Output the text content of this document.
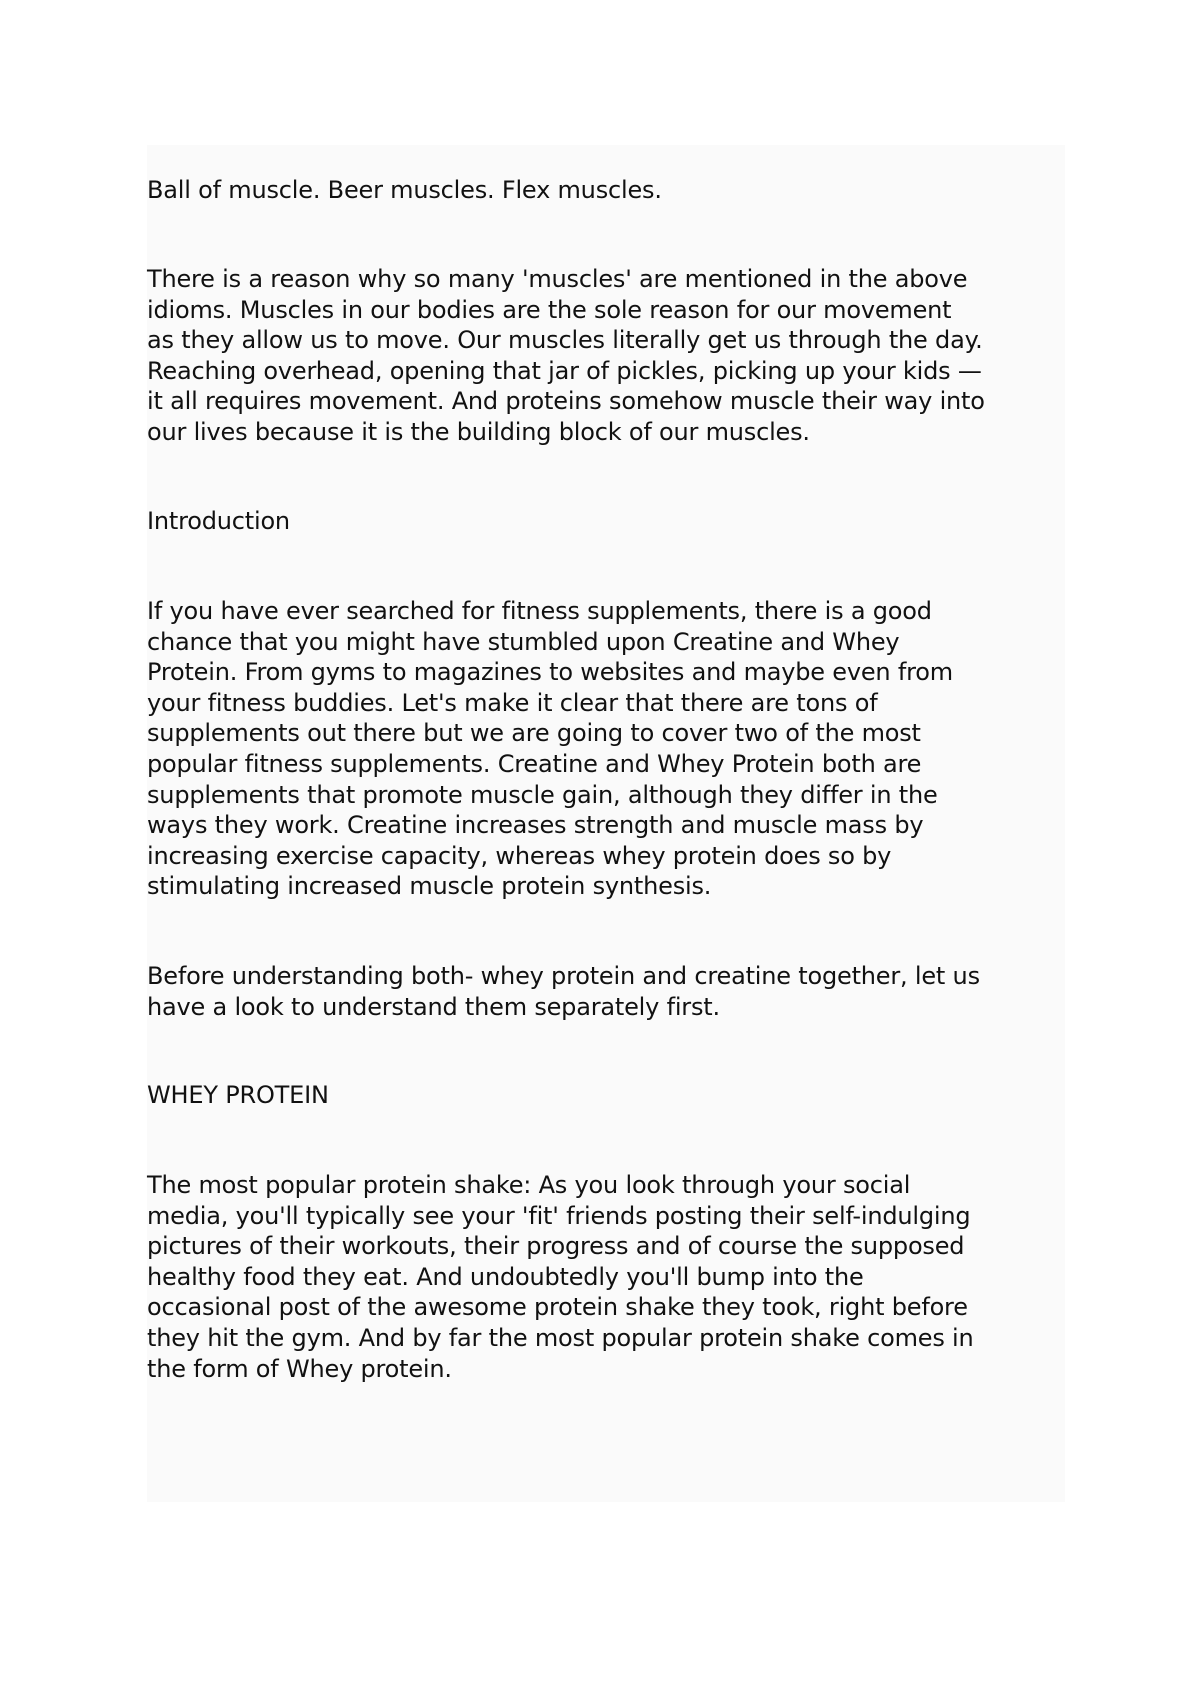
Ball of muscle. Beer muscles. Flex muscles.

There is a reason why so many 'muscles' are mentioned in the above
idioms. Muscles in our bodies are the sole reason for our movement
as they allow us to move. Our muscles literally get us through the day.
Reaching overhead, opening that jar of pickles, picking up your kids —
it all requires movement. And proteins somehow muscle their way into
our lives because it is the building block of our muscles.

Introduction

If you have ever searched for fitness supplements, there is a good
chance that you might have stumbled upon Creatine and Whey
Protein. From gyms to magazines to websites and maybe even from
your fitness buddies. Let's make it clear that there are tons of
supplements out there but we are going to cover two of the most
popular fitness supplements. Creatine and Whey Protein both are
supplements that promote muscle gain, although they differ in the
ways they work. Creatine increases strength and muscle mass by
increasing exercise capacity, whereas whey protein does so by
stimulating increased muscle protein synthesis.

Before understanding both- whey protein and creatine together, let us
have a look to understand them separately first.

WHEY PROTEIN

The most popular protein shake: As you look through your social
media, you'll typically see your 'fit' friends posting their self-indulging
pictures of their workouts, their progress and of course the supposed
healthy food they eat. And undoubtedly you'll bump into the
occasional post of the awesome protein shake they took, right before
they hit the gym. And by far the most popular protein shake comes in
the form of Whey protein.
